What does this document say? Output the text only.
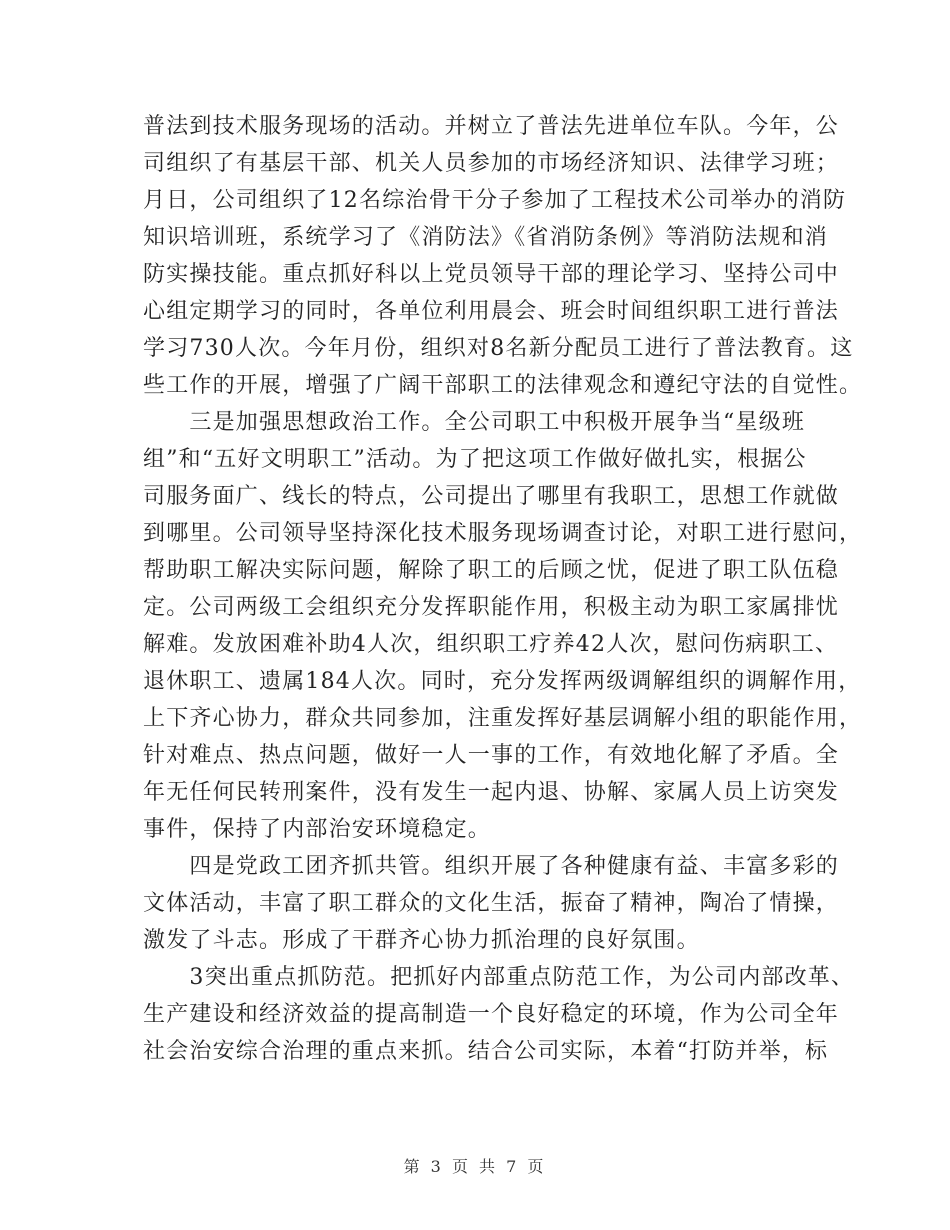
普法到技术服务现场的活动。并树立了普法先进单位车队。今年，公
司组织了有基层干部、机关人员参加的市场经济知识、法律学习班；
月日，公司组织了12名综治骨干分子参加了工程技术公司举办的消防
知识培训班，系统学习了《消防法》《省消防条例》等消防法规和消
防实操技能。重点抓好科以上党员领导干部的理论学习、坚持公司中
心组定期学习的同时，各单位利用晨会、班会时间组织职工进行普法
学习730人次。今年月份，组织对8名新分配员工进行了普法教育。这
些工作的开展，增强了广阔干部职工的法律观念和遵纪守法的自觉性。
　　三是加强思想政治工作。全公司职工中积极开展争当“星级班
组”和“五好文明职工”活动。为了把这项工作做好做扎实，根据公
司服务面广、线长的特点，公司提出了哪里有我职工，思想工作就做
到哪里。公司领导坚持深化技术服务现场调查讨论，对职工进行慰问，
帮助职工解决实际问题，解除了职工的后顾之忧，促进了职工队伍稳
定。公司两级工会组织充分发挥职能作用，积极主动为职工家属排忧
解难。发放困难补助4人次，组织职工疗养42人次，慰问伤病职工、
退休职工、遗属184人次。同时，充分发挥两级调解组织的调解作用，
上下齐心协力，群众共同参加，注重发挥好基层调解小组的职能作用，
针对难点、热点问题，做好一人一事的工作，有效地化解了矛盾。全
年无任何民转刑案件，没有发生一起内退、协解、家属人员上访突发
事件，保持了内部治安环境稳定。
　　四是党政工团齐抓共管。组织开展了各种健康有益、丰富多彩的
文体活动，丰富了职工群众的文化生活，振奋了精神，陶冶了情操，
激发了斗志。形成了干群齐心协力抓治理的良好氛围。
　　3突出重点抓防范。把抓好内部重点防范工作，为公司内部改革、
生产建设和经济效益的提高制造一个良好稳定的环境，作为公司全年
社会治安综合治理的重点来抓。结合公司实际，本着“打防并举，标
第 3 页 共 7 页
